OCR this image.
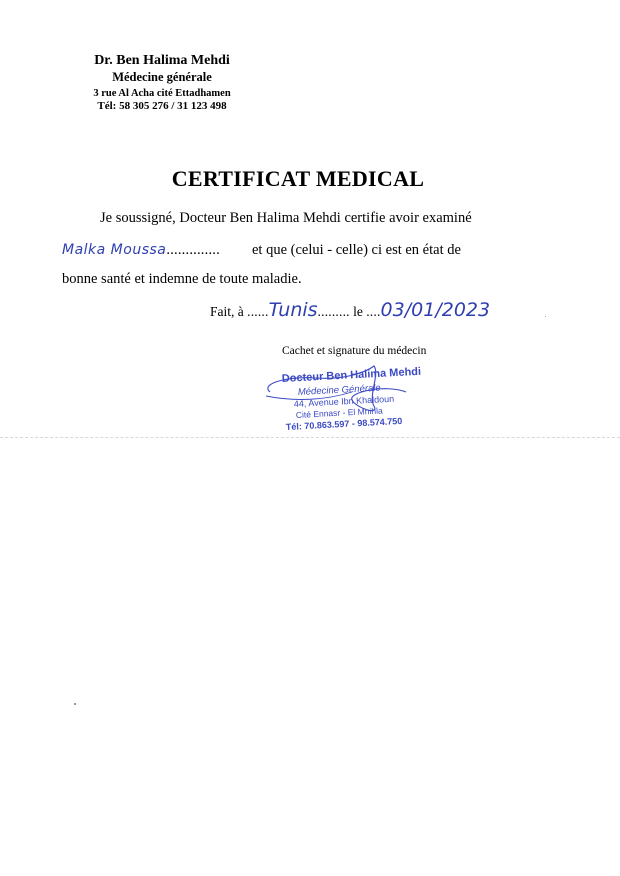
Dr. Ben Halima Mehdi
Médecine générale
3 rue Al Acha cité Ettadhamen
Tél: 58 305 276 / 31 123 498
CERTIFICAT MEDICAL
Je soussigné, Docteur Ben Halima Mehdi certifie avoir examiné
Malka Moussa.............. et que (celui - celle) ci est en état de
bonne santé et indemne de toute maladie.
Fait, à ......Tunis......... le ....03/01/2023
Cachet et signature du médecin
Docteur Ben Halima Mehdi
Médecine Générale
44, Avenue Ibn Khaldoun
Cité Ennasr - El Mnihla
Tél: 70.863.597 - 98.574.750
